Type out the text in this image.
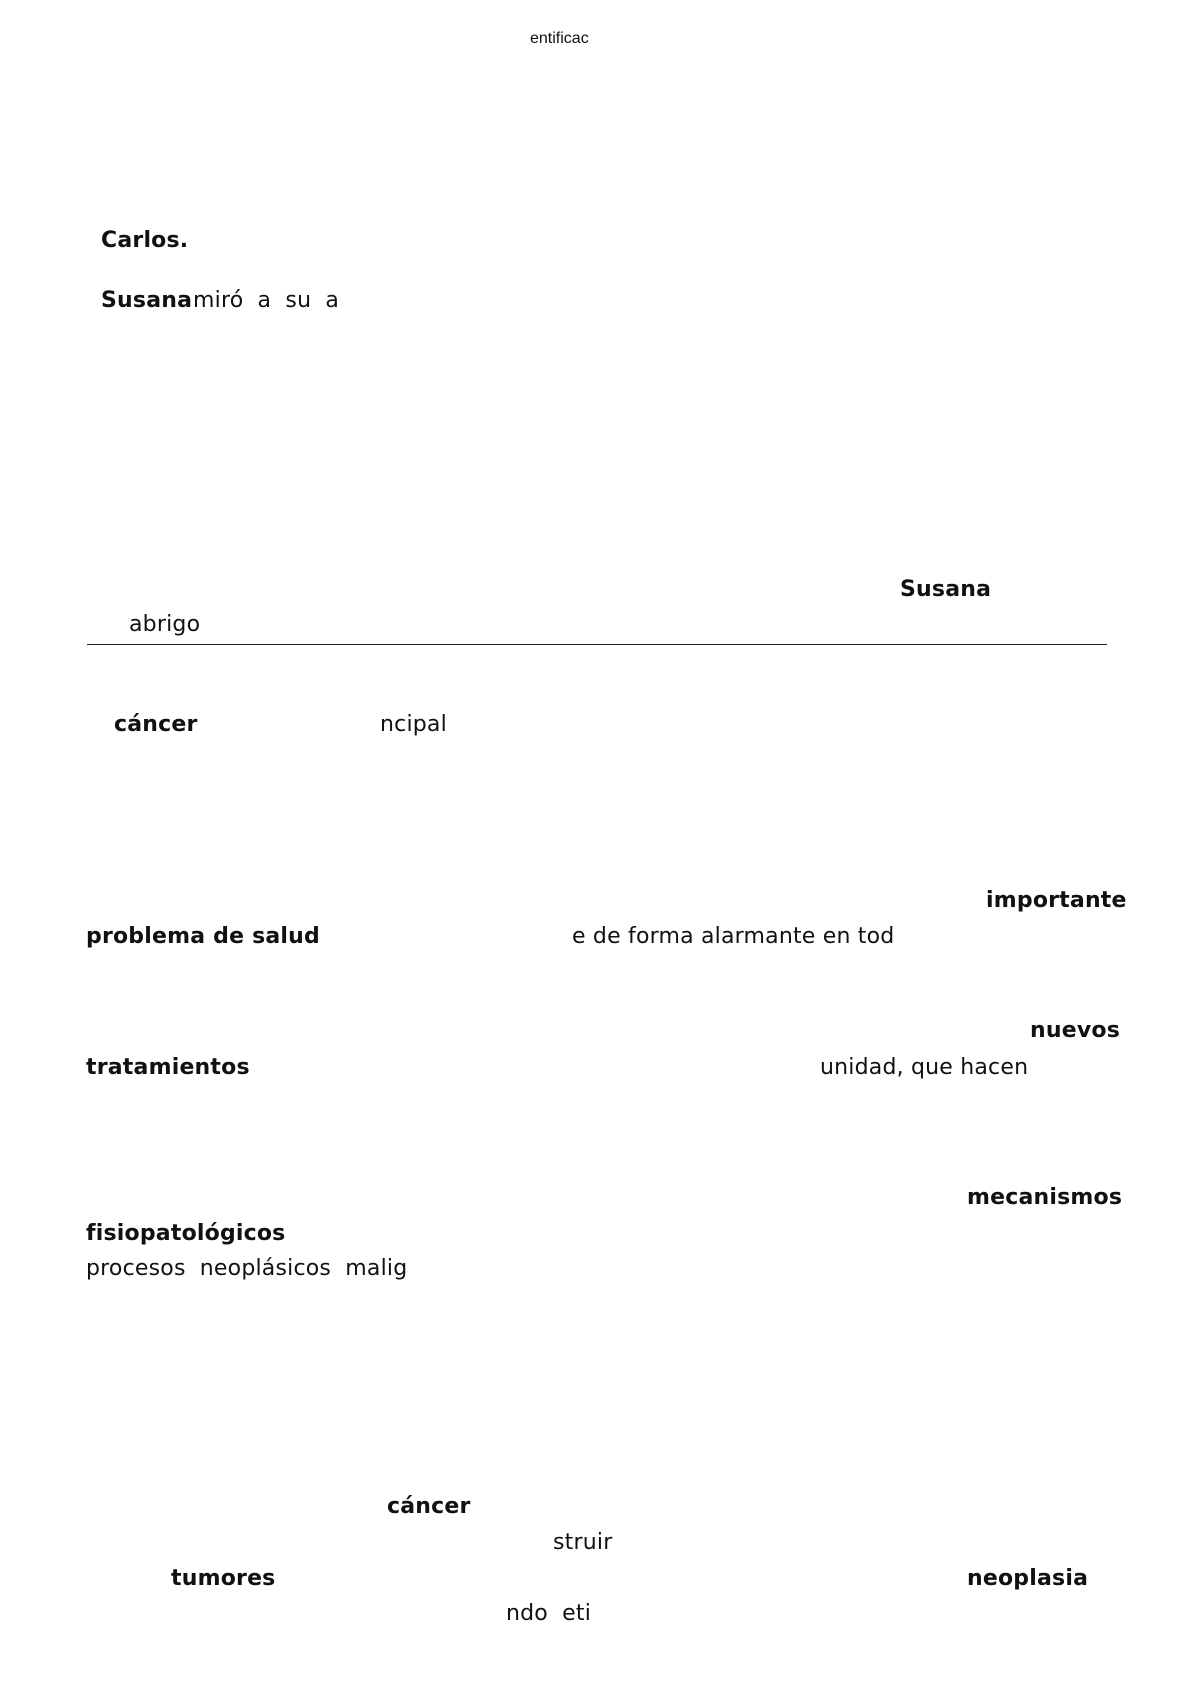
entificac
Carlos.
Susana miró a su a
Susana
abrigo
cáncer	ncipal
importante
problema de salud	e de forma alarmante en tod
nuevos
tratamientos	unidad, que hacen
mecanismos
fisiopatológicos
procesos neoplásicos malig
cáncer
struir
tumores	neoplasia
ndo eti
